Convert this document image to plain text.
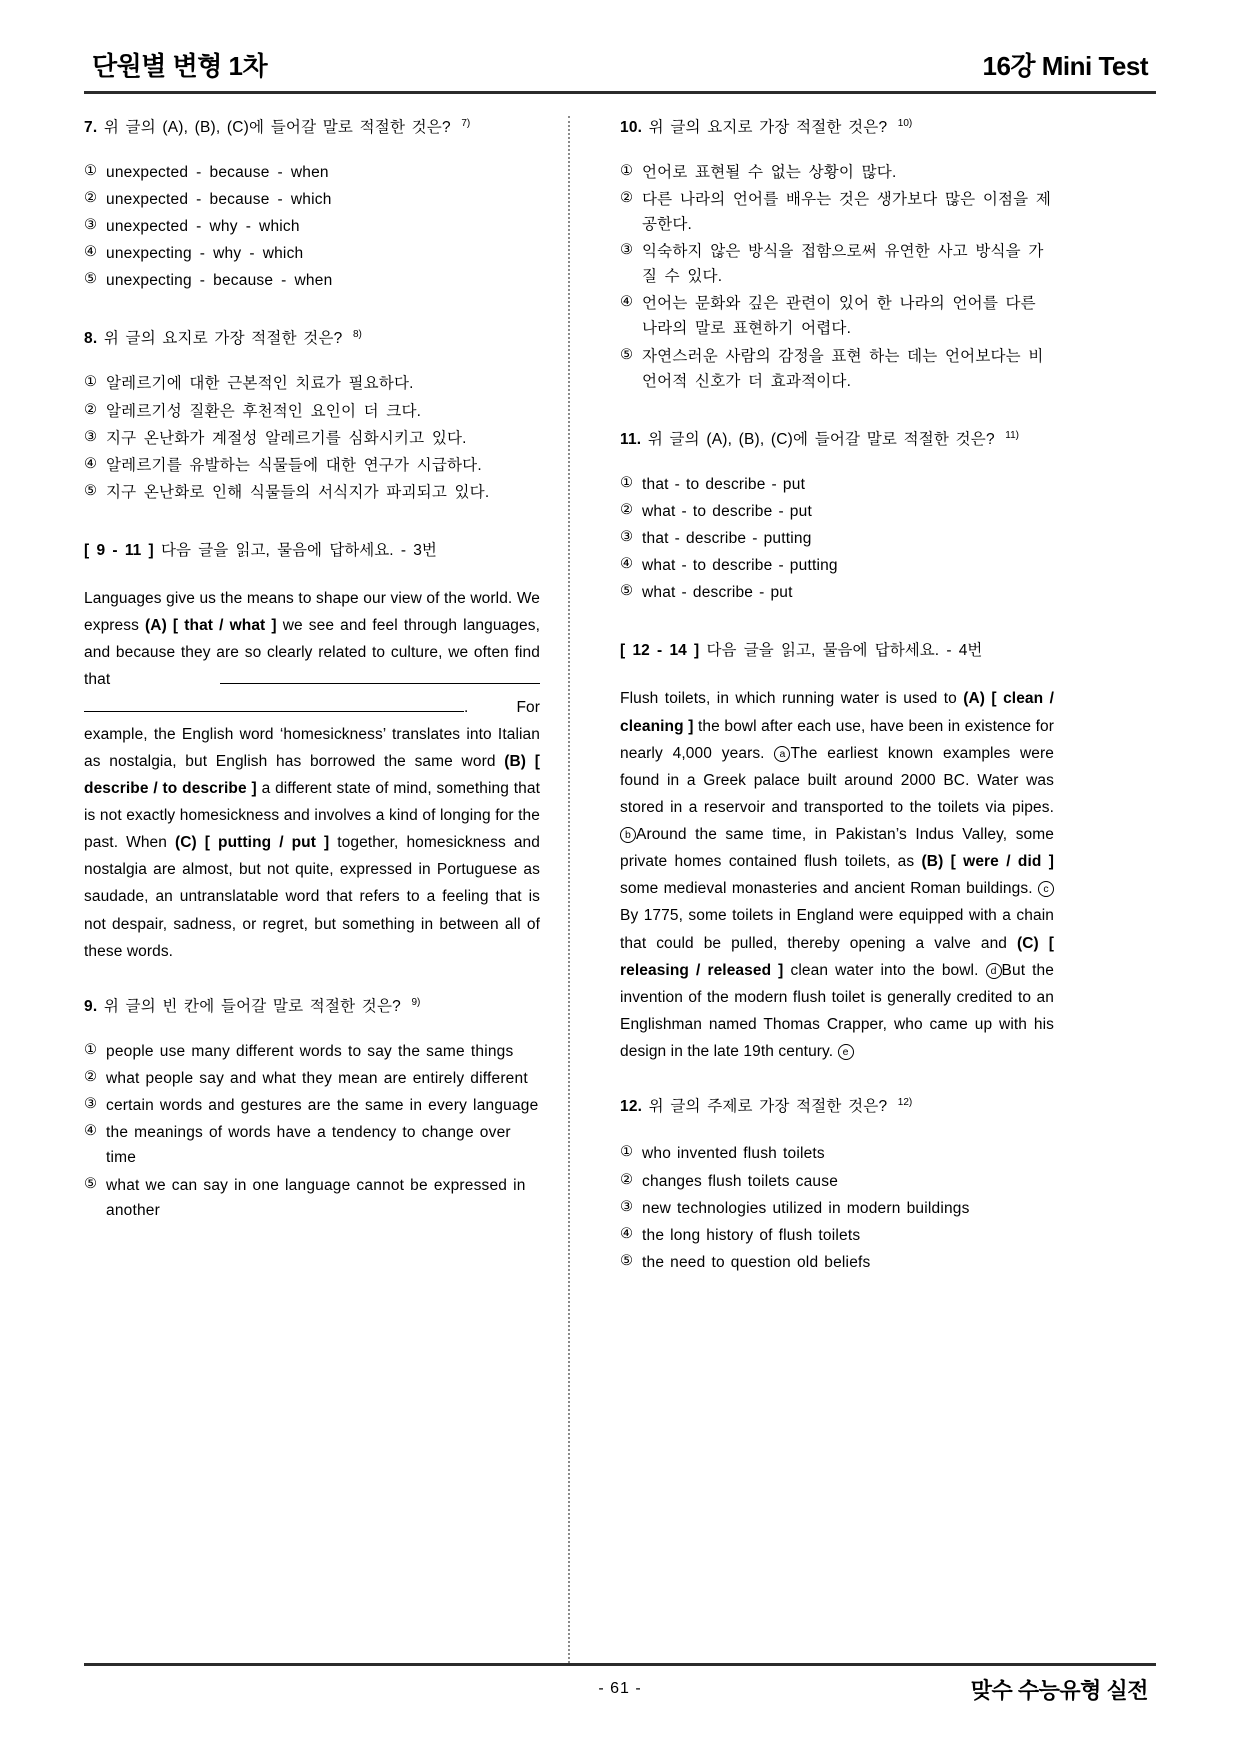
단원별 변형 1차	16강 Mini Test
7. 위 글의 (A), (B), (C)에 들어갈 말로 적절한 것은? $^{7)}$
① unexpected - because - when
② unexpected - because - which
③ unexpected - why - which
④ unexpecting - why - which
⑤ unexpecting - because - when
8. 위 글의 요지로 가장 적절한 것은? $^{8)}$
① 알레르기에 대한 근본적인 치료가 필요하다.
② 알레르기성 질환은 후천적인 요인이 더 크다.
③ 지구 온난화가 계절성 알레르기를 심화시키고 있다.
④ 알레르기를 유발하는 식물들에 대한 연구가 시급하다.
⑤ 지구 온난화로 인해 식물들의 서식지가 파괴되고 있다.
[ 9 - 11 ] 다음 글을 읽고, 물음에 답하세요. - 3번
Languages give us the means to shape our view of the world. We express (A) [ that / what ] we see and feel through languages, and because they are so clearly related to culture, we often find that . For example, the English word ‘homesickness’ translates into Italian as nostalgia, but English has borrowed the same word (B) [ describe / to describe ] a different state of mind, something that is not exactly homesickness and involves a kind of longing for the past. When (C) [ putting / put ] together, homesickness and nostalgia are almost, but not quite, expressed in Portuguese as saudade, an untranslatable word that refers to a feeling that is not despair, sadness, or regret, but something in between all of these words.
9. 위 글의 빈 칸에 들어갈 말로 적절한 것은? $^{9)}$
① people use many different words to say the same things
② what people say and what they mean are entirely different
③ certain words and gestures are the same in every language
④ the meanings of words have a tendency to change over time
⑤ what we can say in one language cannot be expressed in another
10. 위 글의 요지로 가장 적절한 것은? $^{10)}$
① 언어로 표현될 수 없는 상황이 많다.
② 다른 나라의 언어를 배우는 것은 생가보다 많은 이점을 제공한다.
③ 익숙하지 않은 방식을 접함으로써 유연한 사고 방식을 가질 수 있다.
④ 언어는 문화와 깊은 관련이 있어 한 나라의 언어를 다른 나라의 말로 표현하기 어렵다.
⑤ 자연스러운 사람의 감정을 표현 하는 데는 언어보다는 비언어적 신호가 더 효과적이다.
11. 위 글의 (A), (B), (C)에 들어갈 말로 적절한 것은? $^{11)}$
① that - to describe - put
② what - to describe - put
③ that - describe - putting
④ what - to describe - putting
⑤ what - describe - put
[ 12 - 14 ] 다음 글을 읽고, 물음에 답하세요. - 4번
Flush toilets, in which running water is used to (A) [ clean / cleaning ] the bowl after each use, have been in existence for nearly 4,000 years. a The earliest known examples were found in a Greek palace built around 2000 BC. Water was stored in a reservoir and transported to the toilets via pipes. b Around the same time, in Pakistan’s Indus Valley, some private homes contained flush toilets, as (B) [ were / did ] some medieval monasteries and ancient Roman buildings. cBy 1775, some toilets in England were equipped with a chain that could be pulled, thereby opening a valve and (C) [ releasing / released ] clean water into the bowl. d But the invention of the modern flush toilet is generally credited to an Englishman named Thomas Crapper, who came up with his design in the late 19th century. e
12. 위 글의 주제로 가장 적절한 것은? $^{12)}$
① who invented flush toilets
② changes flush toilets cause
③ new technologies utilized in modern buildings
④ the long history of flush toilets
⑤ the need to question old beliefs
- 61 -	맞수 수능유형 실전
